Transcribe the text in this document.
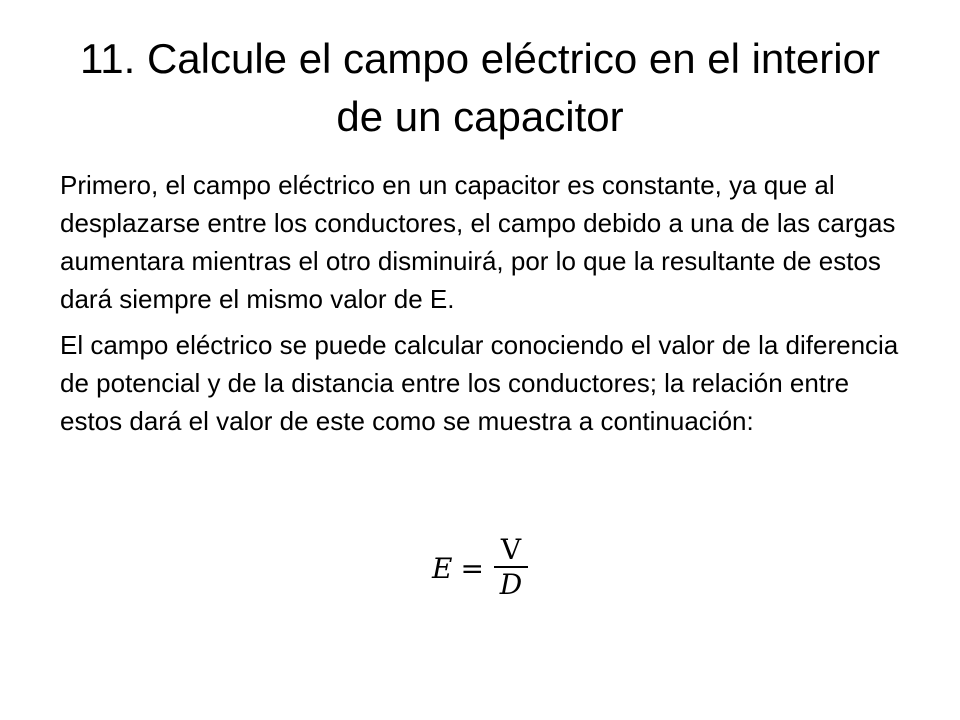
11. Calcule el campo eléctrico en el interior de un capacitor

Primero, el campo eléctrico en un capacitor es constante, ya que al desplazarse entre los conductores, el campo debido a una de las cargas aumentara mientras el otro disminuirá, por lo que la resultante de estos dará siempre el mismo valor de E.

El campo eléctrico se puede calcular conociendo el valor de la diferencia de potencial y de la distancia entre los conductores; la relación entre estos dará el valor de este como se muestra a continuación:

$E = \frac{V}{D}$
